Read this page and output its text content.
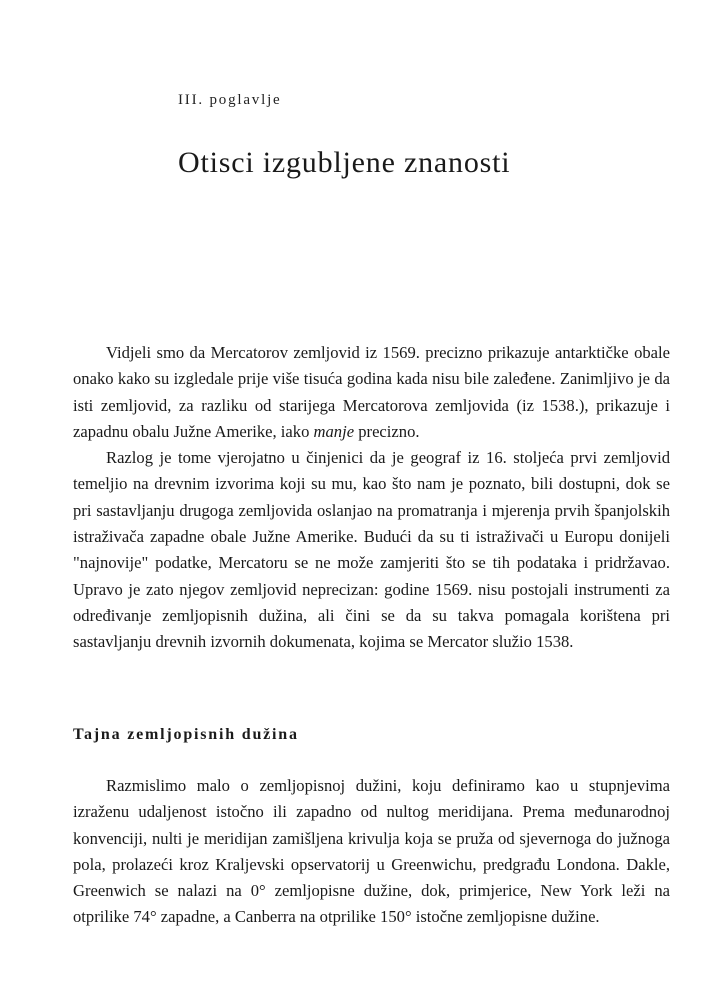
III. poglavlje
Otisci izgubljene znanosti

Vidjeli smo da Mercatorov zemljovid iz 1569. precizno prikazuje antarktičke obale onako kako su izgledale prije više tisuća godina kada nisu bile zaleđene. Zanimljivo je da isti zemljovid, za razliku od starijega Mercatorova zemljovida (iz 1538.), prikazuje i zapadnu obalu Južne Amerike, iako manje precizno.

Razlog je tome vjerojatno u činjenici da je geograf iz 16. stoljeća prvi zemljovid temeljio na drevnim izvorima koji su mu, kao što nam je poznato, bili dostupni, dok se pri sastavljanju drugoga zemljovida oslanjao na promatranja i mjerenja prvih španjolskih istraživača zapadne obale Južne Amerike. Budući da su ti istraživači u Europu donijeli "najnovije" podatke, Mercatoru se ne može zamjeriti što se tih podataka i pridržavao. Upravo je zato njegov zemljovid neprecizan: godine 1569. nisu postojali instrumenti za određivanje zemljopisnih dužina, ali čini se da su takva pomagala korištena pri sastavljanju drevnih izvornih dokumenata, kojima se Mercator služio 1538.

Tajna zemljopisnih dužina

Razmislimo malo o zemljopisnoj dužini, koju definiramo kao u stupnjevima izraženu udaljenost istočno ili zapadno od nultog meridijana. Prema međunarodnoj konvenciji, nulti je meridijan zamišljena krivulja koja se pruža od sjevernoga do južnoga pola, prolazeći kroz Kraljevski opservatorij u Greenwichu, predgrađu Londona. Dakle, Greenwich se nalazi na 0° zemljopisne dužine, dok, primjerice, New York leži na otprilike 74° zapadne, a Canberra na otprilike 150° istočne zemljopisne dužine.
